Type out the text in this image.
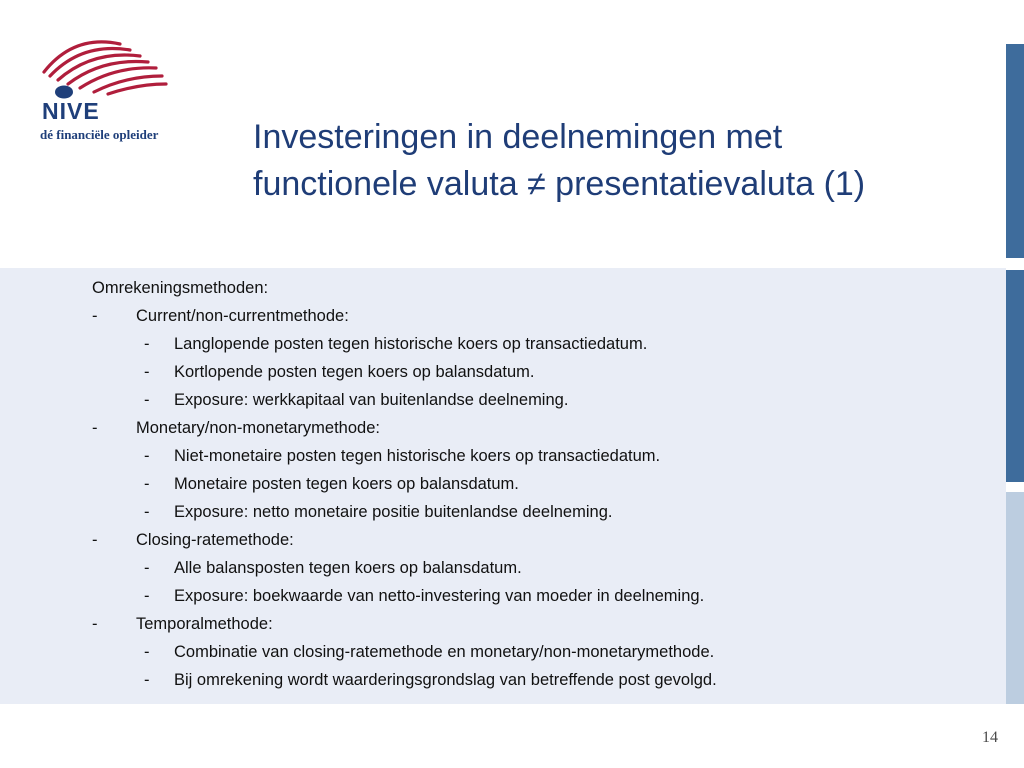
NIVE
dé financiële opleider	Investeringen in deelnemingen met
functionele valuta ≠ presentatievaluta (1)
Omrekeningsmethoden:
- Current/non-currentmethode:
- Langlopende posten tegen historische koers op transactiedatum.
- Kortlopende posten tegen koers op balansdatum.
- Exposure: werkkapitaal van buitenlandse deelneming.
- Monetary/non-monetarymethode:
- Niet-monetaire posten tegen historische koers op transactiedatum.
- Monetaire posten tegen koers op balansdatum.
- Exposure: netto monetaire positie buitenlandse deelneming.
- Closing-ratemethode:
- Alle balansposten tegen koers op balansdatum.
- Exposure: boekwaarde van netto-investering van moeder in deelneming.
- Temporalmethode:
- Combinatie van closing-ratemethode en monetary/non-monetarymethode.
- Bij omrekening wordt waarderingsgrondslag van betreffende post gevolgd.
14
